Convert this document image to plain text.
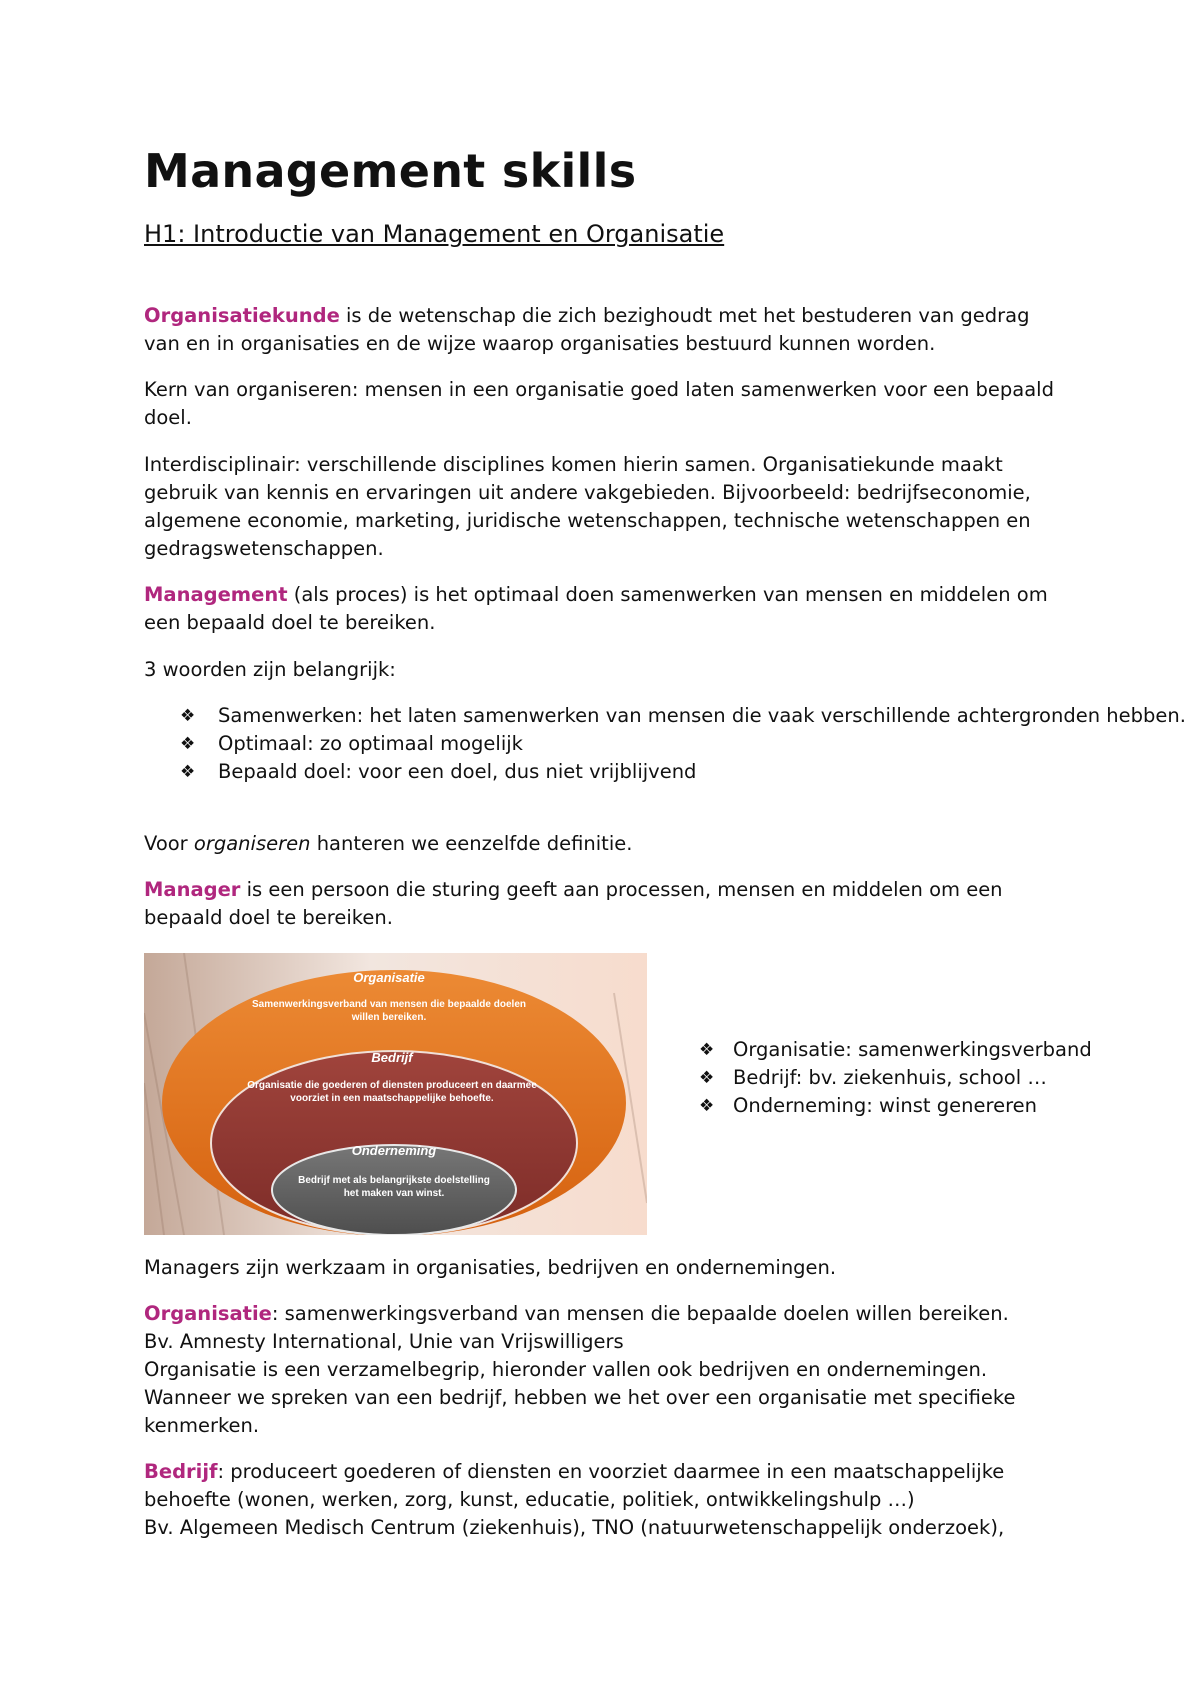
Management skills
H1: Introductie van Management en Organisatie

Organisatiekunde is de wetenschap die zich bezighoudt met het bestuderen van gedrag van en in organisaties en de wijze waarop organisaties bestuurd kunnen worden.

Kern van organiseren: mensen in een organisatie goed laten samenwerken voor een bepaald doel.

Interdisciplinair: verschillende disciplines komen hierin samen. Organisatiekunde maakt gebruik van kennis en ervaringen uit andere vakgebieden. Bijvoorbeeld: bedrijfseconomie, algemene economie, marketing, juridische wetenschappen, technische wetenschappen en gedragswetenschappen.

Management (als proces) is het optimaal doen samenwerken van mensen en middelen om een bepaald doel te bereiken.

3 woorden zijn belangrijk:

❖ Samenwerken: het laten samenwerken van mensen die vaak verschillende achtergronden hebben.
❖ Optimaal: zo optimaal mogelijk
❖ Bepaald doel: voor een doel, dus niet vrijblijvend

Voor organiseren hanteren we eenzelfde definitie.

Manager is een persoon die sturing geeft aan processen, mensen en middelen om een bepaald doel te bereiken.

Organisatie
Samenwerkingsverband van mensen die bepaalde doelen
willen bereiken.
Bedrijf
Organisatie die goederen of diensten produceert en daarmee
voorziet in een maatschappelijke behoefte.
Onderneming
Bedrijf met als belangrijkste doelstelling
het maken van winst.
❖ Organisatie: samenwerkingsverband
❖ Bedrijf: bv. ziekenhuis, school …
❖ Onderneming: winst genereren

Managers zijn werkzaam in organisaties, bedrijven en ondernemingen.

Organisatie: samenwerkingsverband van mensen die bepaalde doelen willen bereiken.
Bv. Amnesty International, Unie van Vrijswilligers
Organisatie is een verzamelbegrip, hieronder vallen ook bedrijven en ondernemingen. Wanneer we spreken van een bedrijf, hebben we het over een organisatie met specifieke kenmerken.

Bedrijf: produceert goederen of diensten en voorziet daarmee in een maatschappelijke behoefte (wonen, werken, zorg, kunst, educatie, politiek, ontwikkelingshulp …)
Bv. Algemeen Medisch Centrum (ziekenhuis), TNO (natuurwetenschappelijk onderzoek),
